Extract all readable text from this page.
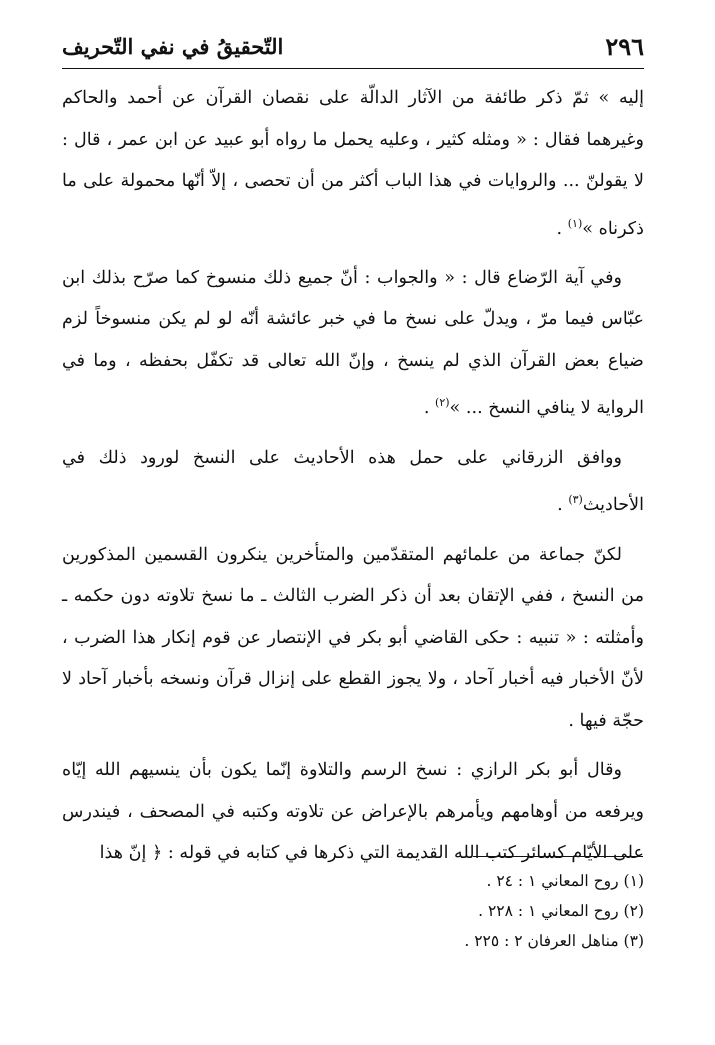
٢٩٦
التّحقيقُ في نفي التّحريف

إليه » ثمّ ذكر طائفة من الآثار الدالّة على نقصان القرآن عن أحمد والحاكم وغيرهما فقال : « ومثله كثير ، وعليه يحمل ما رواه أبو عبيد عن ابن عمر ، قال : لا يقولنّ ... والروايات في هذا الباب أكثر من أن تحصى ، إلاّ أنّها محمولة على ما ذكرناه »$^{(١)}$ .

وفي آية الرّضاع قال : « والجواب : أنّ جميع ذلك منسوخ كما صرّح بذلك ابن عبّاس فيما مرّ ، ويدلّ على نسخ ما في خبر عائشة أنّه لو لم يكن منسوخاً لزم ضياع بعض القرآن الذي لم ينسخ ، وإنّ الله تعالى قد تكفّل بحفظه ، وما في الرواية لا ينافي النسخ ... »$^{(٢)}$ .

ووافق الزرقاني على حمل هذه الأحاديث على النسخ لورود ذلك في الأحاديث$^{(٣)}$ .

لكنّ جماعة من علمائهم المتقدّمين والمتأخرين ينكرون القسمين المذكورين من النسخ ، ففي الإتقان بعد أن ذكر الضرب الثالث ـ ما نسخ تلاوته دون حكمه ـ وأمثلته : « تنبيه : حكى القاضي أبو بكر في الإنتصار عن قوم إنكار هذا الضرب ، لأنّ الأخبار فيه أخبار آحاد ، ولا يجوز القطع على إنزال قرآن ونسخه بأخبار آحاد لا حجّة فيها .

وقال أبو بكر الرازي : نسخ الرسم والتلاوة إنّما يكون بأن ينسيهم الله إيّاه ويرفعه من أوهامهم ويأمرهم بالإعراض عن تلاوته وكتبه في المصحف ، فيندرس على الأيّام كسائر كتب الله القديمة التي ذكرها في كتابه في قوله : ﴿ إنّ هذا

(١) روح المعاني ١ : ٢٤ .
(٢) روح المعاني ١ : ٢٢٨ .
(٣) مناهل العرفان ٢ : ٢٢٥ .
